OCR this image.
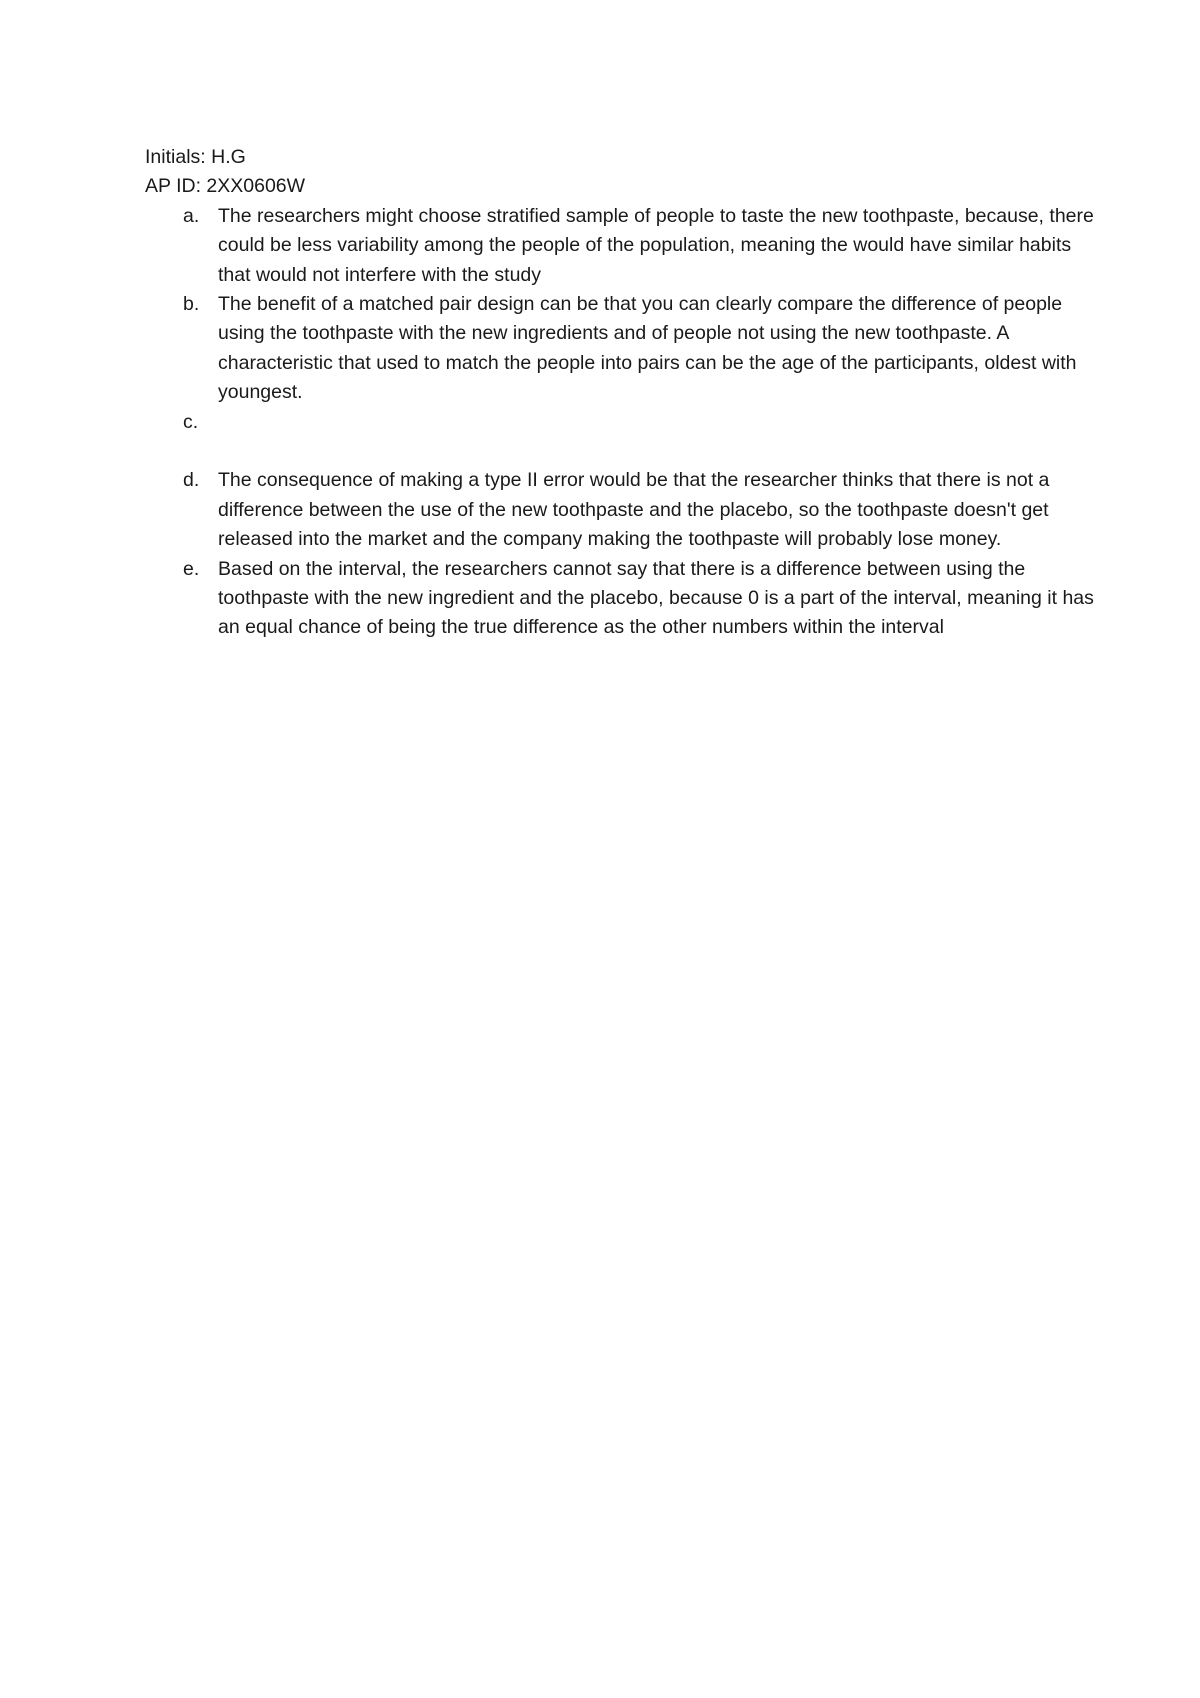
Initials: H.G

AP ID: 2XX0606W

a. The researchers might choose stratified sample of people to taste the new toothpaste, because, there could be less variability among the people of the population, meaning the would have similar habits that would not interfere with the study
b. The benefit of a matched pair design can be that you can clearly compare the difference of people using the toothpaste with the new ingredients and of people not using the new toothpaste. A characteristic that used to match the people into pairs can be the age of the participants, oldest with youngest.
c.
d. The consequence of making a type II error would be that the researcher thinks that there is not a difference between the use of the new toothpaste and the placebo, so the toothpaste doesn't get released into the market and the company making the toothpaste will probably lose money.
e. Based on the interval, the researchers cannot say that there is a difference between using the toothpaste with the new ingredient and the placebo, because 0 is a part of the interval, meaning it has an equal chance of being the true difference as the other numbers within the interval
